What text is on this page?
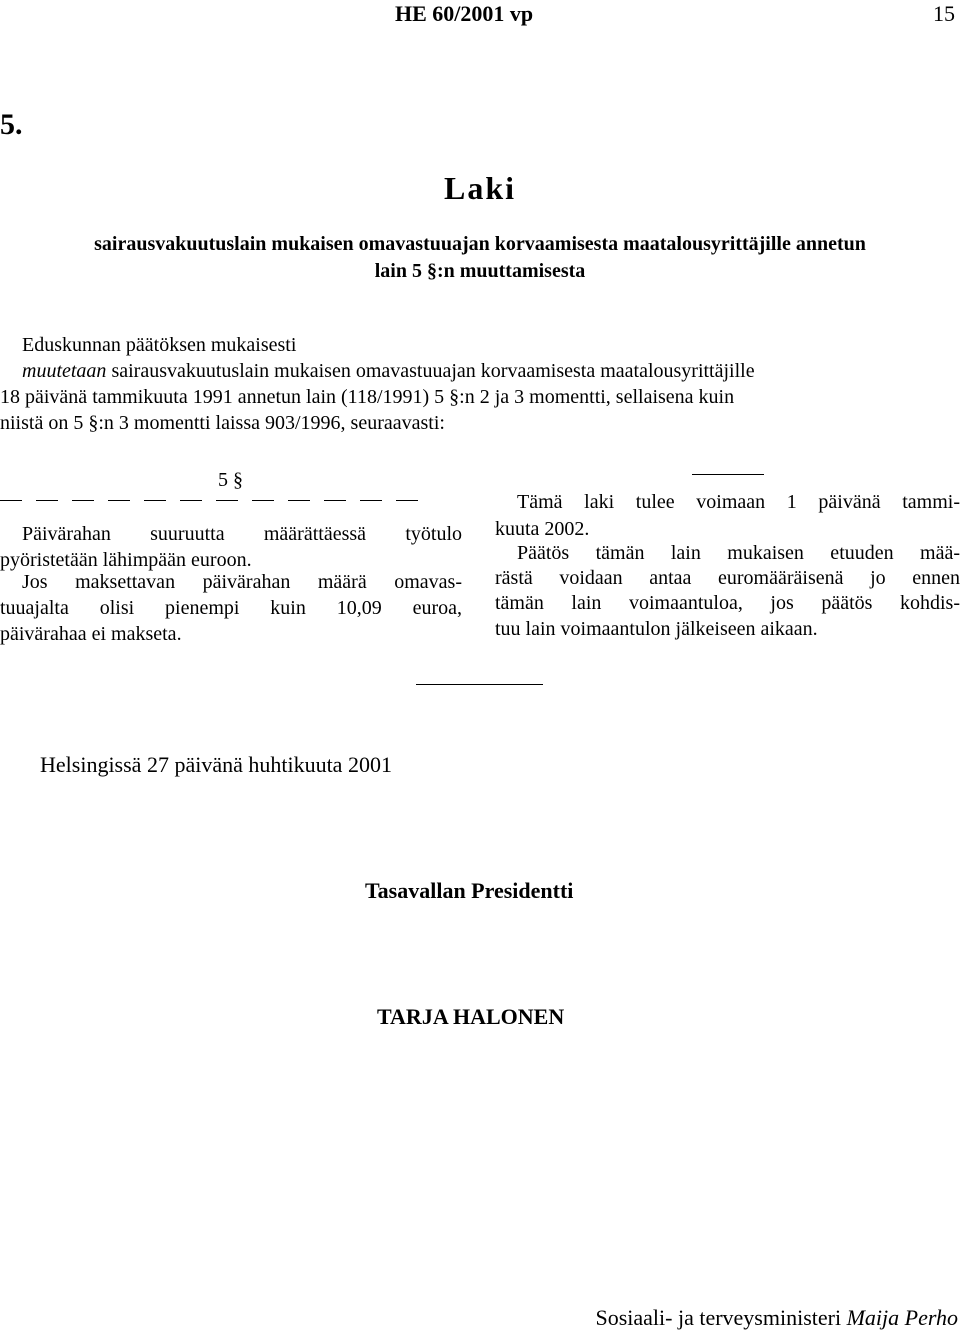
HE 60/2001 vp	15
5.
Laki
sairausvakuutuslain mukaisen omavastuuajan korvaamisesta maatalousyrittäjille annetun
lain 5 §:n muuttamisesta
Eduskunnan päätöksen mukaisesti
muutetaan sairausvakuutuslain mukaisen omavastuuajan korvaamisesta maatalousyrittäjille
18 päivänä tammikuuta 1991 annetun lain (118/1991) 5 §:n 2 ja 3 momentti, sellaisena kuin
niistä on 5 §:n 3 momentti laissa 903/1996, seuraavasti:
5 §
Päivärahan suuruutta määrättäessä työtulo
pyöristetään lähimpään euroon.
Jos maksettavan päivärahan määrä omavas-
tuuajalta olisi pienempi kuin 10,09 euroa,
päivärahaa ei makseta.
Tämä laki tulee voimaan 1 päivänä tammi-
kuuta 2002.
Päätös tämän lain mukaisen etuuden mää-
rästä voidaan antaa euromääräisenä jo ennen
tämän lain voimaantuloa, jos päätös kohdis-
tuu lain voimaantulon jälkeiseen aikaan.
Helsingissä 27 päivänä huhtikuuta 2001
Tasavallan Presidentti
TARJA HALONEN
Sosiaali- ja terveysministeri Maija Perho
